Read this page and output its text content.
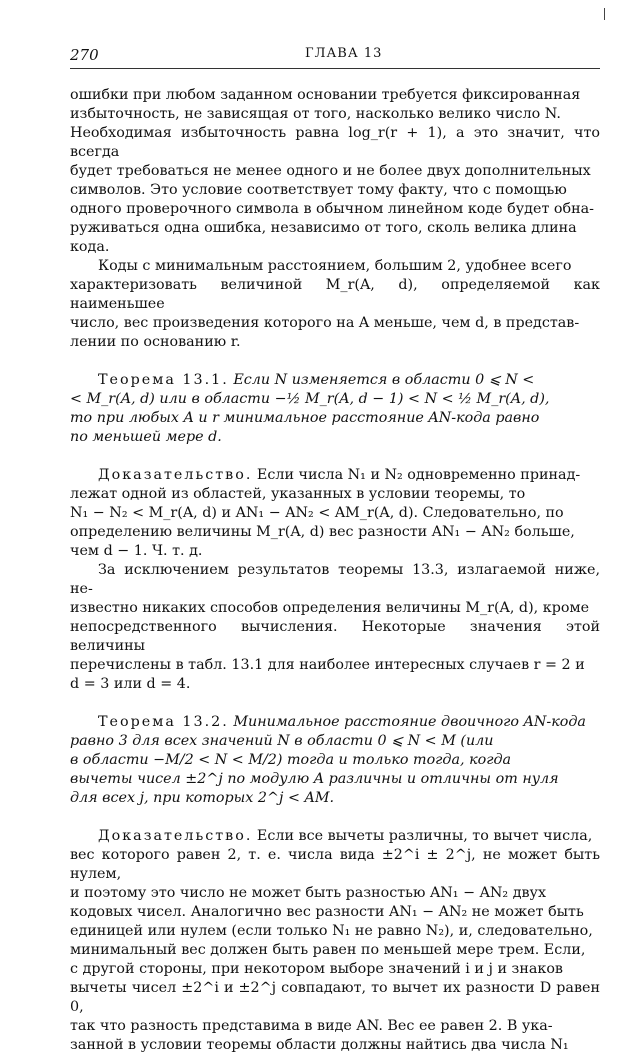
270	ГЛАВА 13

ошибки при любом заданном основании требуется фиксированная

избыточность, не зависящая от того, насколько велико число N.

Необходимая избыточность равна log_r(r + 1), а это значит, что всегда

будет требоваться не менее одного и не более двух дополнительных

символов. Это условие соответствует тому факту, что с помощью

одного проверочного символа в обычном линейном коде будет обна-

руживаться одна ошибка, независимо от того, сколь велика длина

кода.

Коды с минимальным расстоянием, большим 2, удобнее всего

характеризовать величиной M_r(A, d), определяемой как наименьшее

число, вес произведения которого на A меньше, чем d, в представ-

лении по основанию r.

Теорема 13.1. Если N изменяется в области 0 ⩽ N <

< M_r(A, d) или в области −½ M_r(A, d − 1) < N < ½ M_r(A, d),

то при любых A и r минимальное расстояние AN-кода равно

по меньшей мере d.

Доказательство. Если числа N₁ и N₂ одновременно принад-

лежат одной из областей, указанных в условии теоремы, то

N₁ − N₂ < M_r(A, d) и AN₁ − AN₂ < AM_r(A, d). Следовательно, по

определению величины M_r(A, d) вес разности AN₁ − AN₂ больше,

чем d − 1. Ч. т. д.

За исключением результатов теоремы 13.3, излагаемой ниже, не-

известно никаких способов определения величины M_r(A, d), кроме

непосредственного вычисления. Некоторые значения этой величины

перечислены в табл. 13.1 для наиболее интересных случаев r = 2 и

d = 3 или d = 4.

Теорема 13.2. Минимальное расстояние двоичного AN-кода

равно 3 для всех значений N в области 0 ⩽ N < M (или

в области −M/2 < N < M/2) тогда и только тогда, когда

вычеты чисел ±2^j по модулю A различны и отличны от нуля

для всех j, при которых 2^j < AM.

Доказательство. Если все вычеты различны, то вычет числа,

вес которого равен 2, т. е. числа вида ±2^i ± 2^j, не может быть нулем,

и поэтому это число не может быть разностью AN₁ − AN₂ двух

кодовых чисел. Аналогично вес разности AN₁ − AN₂ не может быть

единицей или нулем (если только N₁ не равно N₂), и, следовательно,

минимальный вес должен быть равен по меньшей мере трем. Если,

с другой стороны, при некотором выборе значений i и j и знаков

вычеты чисел ±2^i и ±2^j совпадают, то вычет их разности D равен 0,

так что разность представима в виде AN. Вес ее равен 2. В ука-

занной в условии теоремы области должны найтись два числа N₁
